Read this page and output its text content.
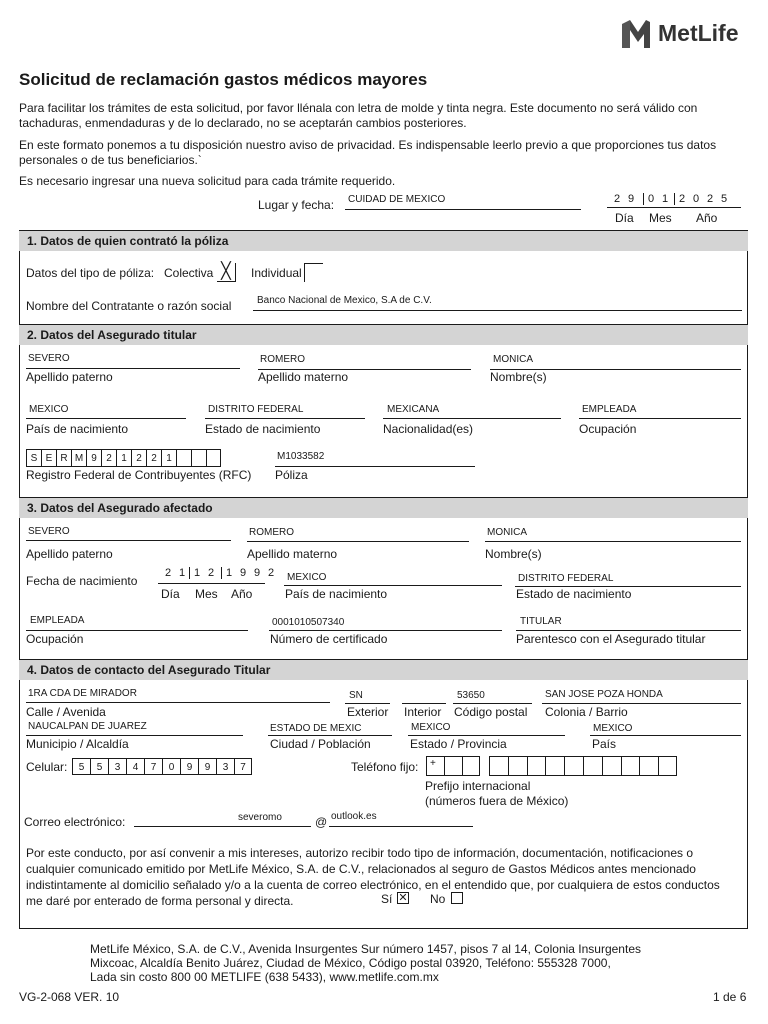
MetLife
Solicitud de reclamación gastos médicos mayores
Para facilitar los trámites de esta solicitud, por favor llénala con letra de molde y tinta negra. Este documento no será válido con tachaduras, enmendaduras y de lo declarado, no se aceptarán cambios posteriores.
En este formato ponemos a tu disposición nuestro aviso de privacidad. Es indispensable leerlo previo a que proporciones tus datos personales o de tus beneficiarios.`
Es necesario ingresar una nueva solicitud para cada trámite requerido.
Lugar y fecha: CUIDAD DE MEXICO	2 9	0 1 2 0 2 5
Día Mes Año
1. Datos de quien contrató la póliza
Datos del tipo de póliza: Colectiva ╳	Individual
Nombre del Contratante o razón social	Banco Nacional de Mexico, S.A de C.V.
2. Datos del Asegurado titular
SEVERO
Apellido paterno
ROMERO
Apellido materno
MONICA
Nombre(s)
MEXICO
País de nacimiento
DISTRITO FEDERAL
Estado de nacimiento
MEXICANA
Nacionalidad(es)
EMPLEADA
Ocupación
S E R M 9 2 1 2 2 1
Registro Federal de Contribuyentes (RFC)
M1033582
Póliza
3. Datos del Asegurado afectado
SEVERO
Apellido paterno
ROMERO
Apellido materno
MONICA
Nombre(s)
Fecha de nacimiento
2 1 1 2	1 9 9 2
Día Mes Año
MEXICO
País de nacimiento
DISTRITO FEDERAL
Estado de nacimiento
EMPLEADA
Ocupación
0001010507340
Número de certificado
TITULAR
Parentesco con el Asegurado titular
4. Datos de contacto del Asegurado Titular
1RA CDA DE MIRADOR
Calle / Avenida
SN
Exterior Interior
53650
Código postal
SAN JOSE POZA HONDA
Colonia / Barrio
NAUCALPAN DE JUAREZ
Municipio / Alcaldía
ESTADO DE MEXIC
Ciudad / Población
MEXICO
Estado / Provincia
MEXICO
País
Celular:	5	5	3	4	7	0	9	9	3	7	Teléfono fijo:	+
Prefijo internacional
(números fuera de México)
Correo electrónico:	severomo	@ outlook.es
Por este conducto, por así convenir a mis intereses, autorizo recibir todo tipo de información, documentación, notificaciones o cualquier comunicado emitido por MetLife México, S.A. de C.V., relacionados al seguro de Gastos Médicos antes mencionado indistintamente al domicilio señalado y/o a la cuenta de correo electrónico, en el entendido que, por cualquiera de estos conductos me daré por enterado de forma personal y directa.	Sí ✕ No
MetLife México, S.A. de C.V., Avenida Insurgentes Sur número 1457, pisos 7 al 14, Colonia Insurgentes
Mixcoac, Alcaldía Benito Juárez, Ciudad de México, Código postal 03920, Teléfono: 555328 7000,
Lada sin costo 800 00 METLIFE (638 5433), www.metlife.com.mx
VG-2-068 VER. 10	1 de 6
